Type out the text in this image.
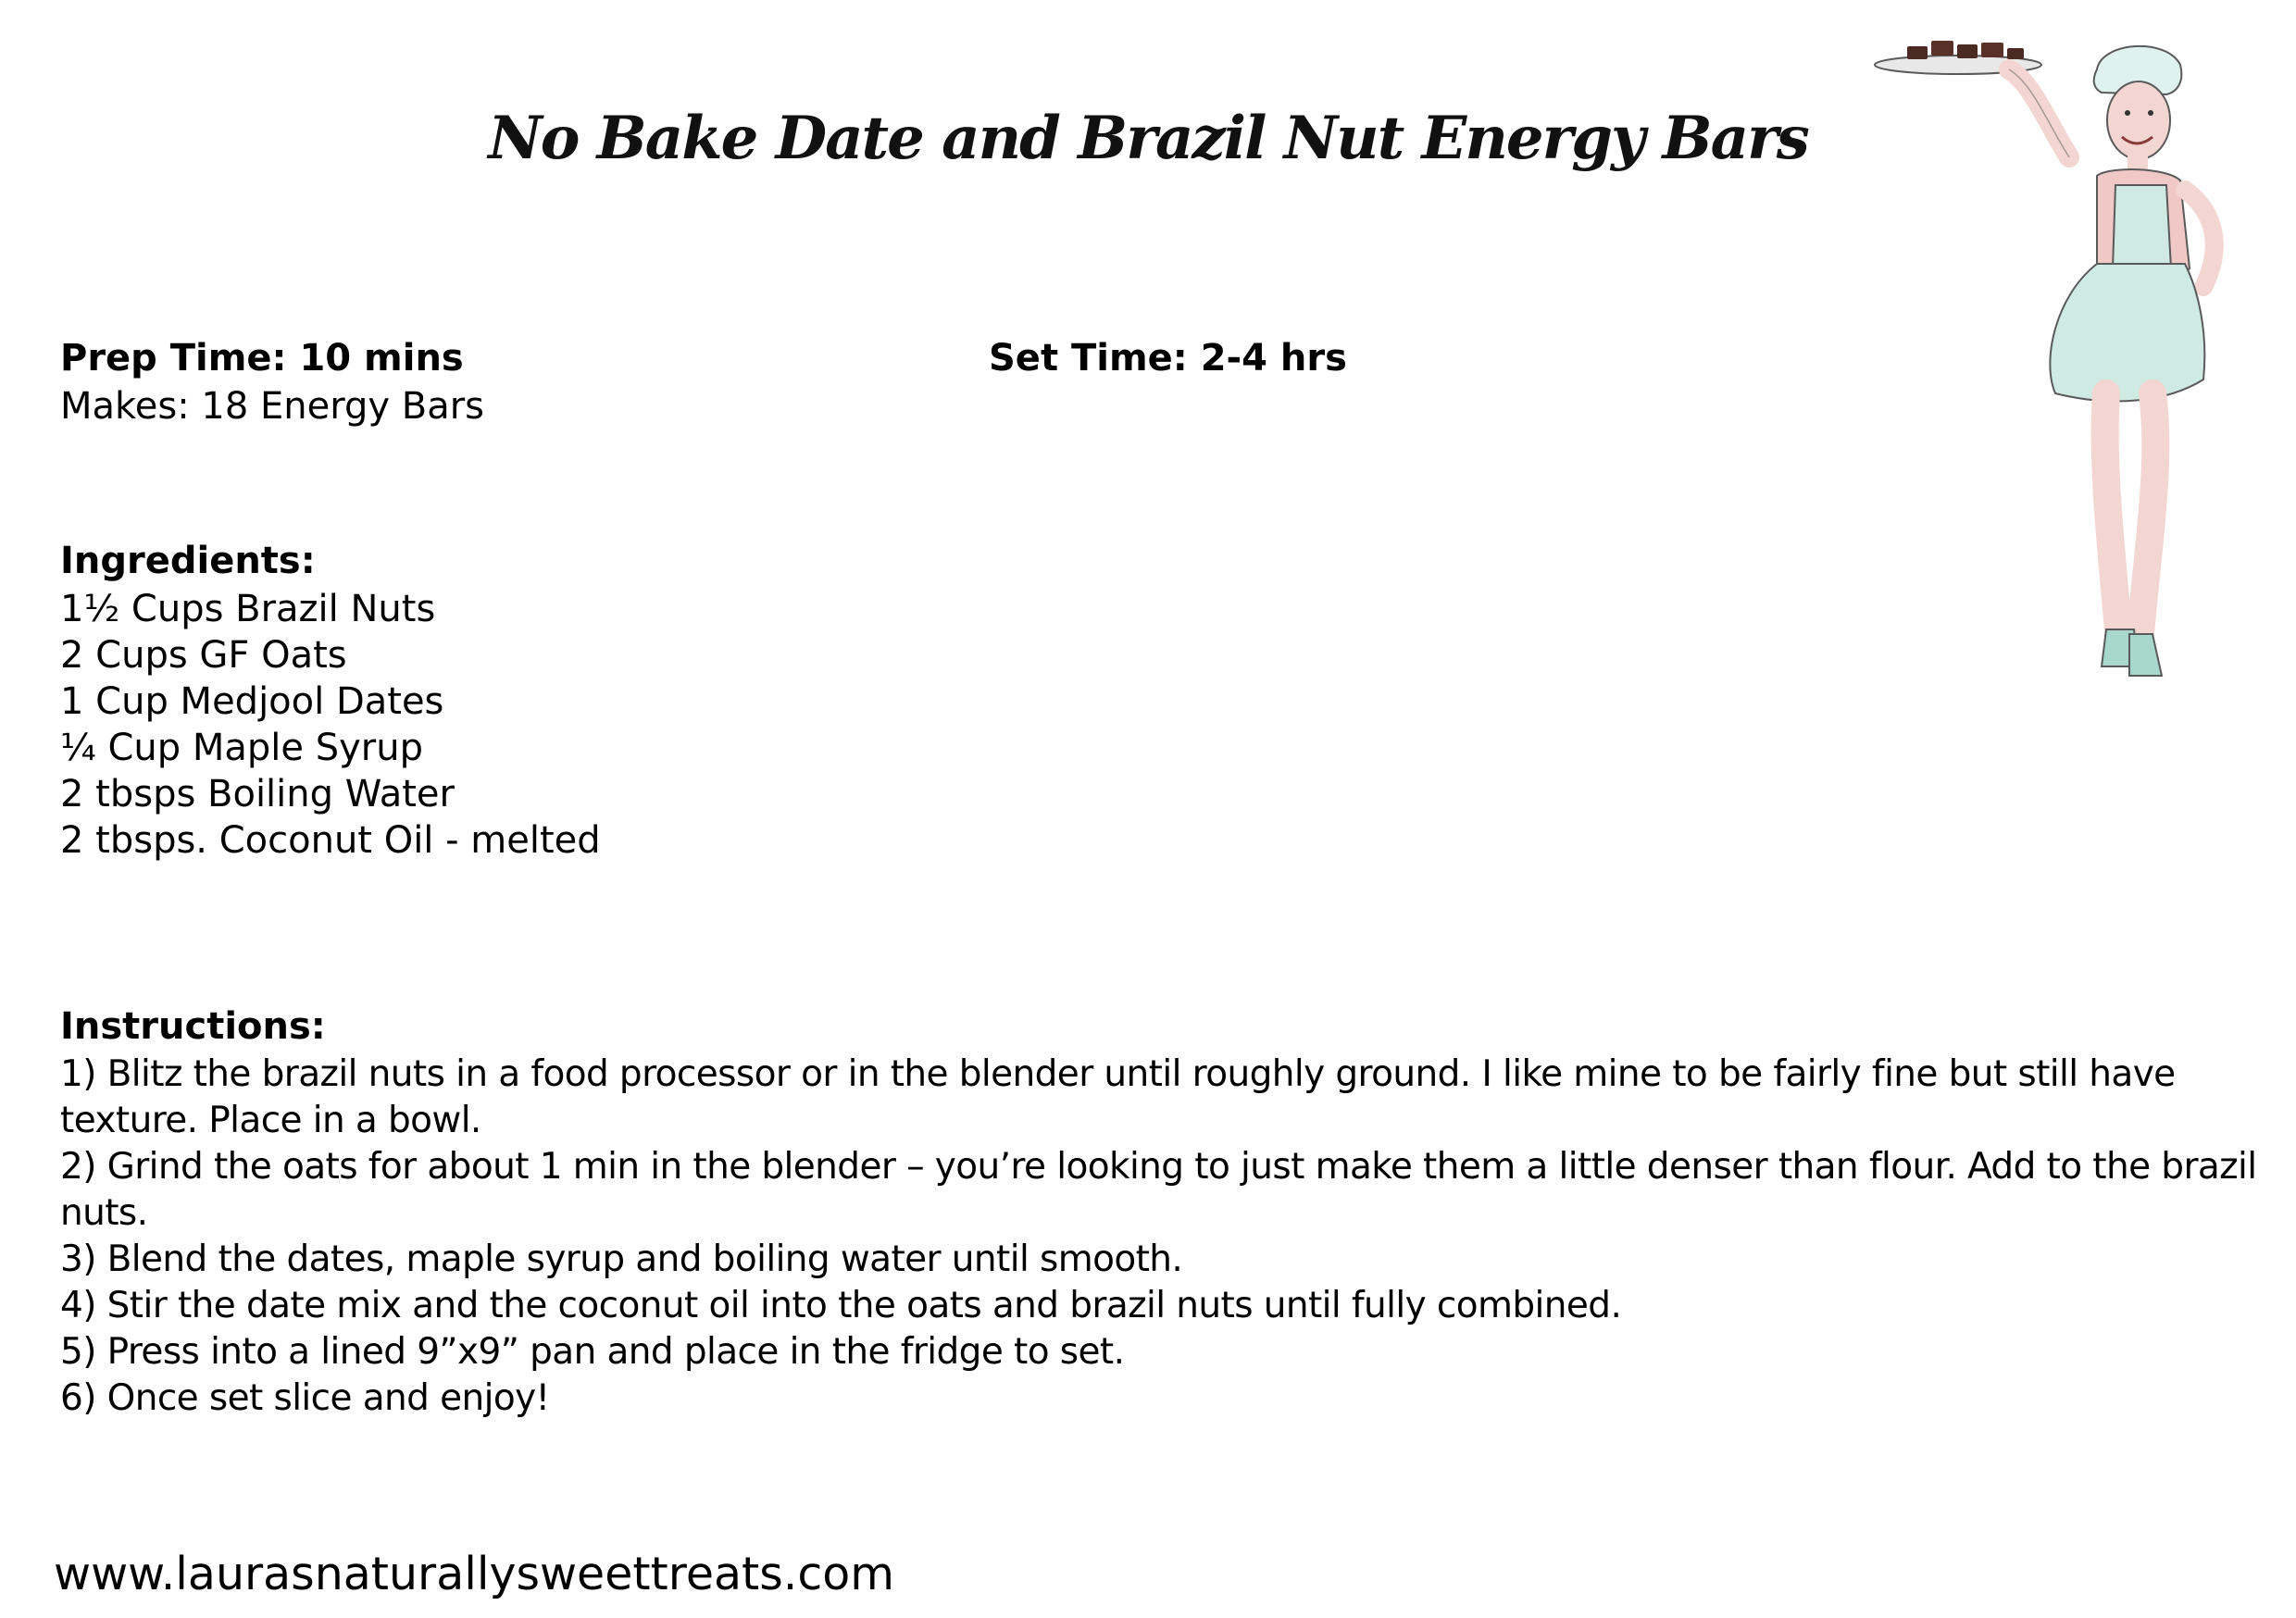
No Bake Date and Brazil Nut Energy Bars
Prep Time: 10 mins	Set Time: 2-4 hrs
Makes: 18 Energy Bars
Ingredients:
1½ Cups Brazil Nuts
2 Cups GF Oats
1 Cup Medjool Dates
¼ Cup Maple Syrup
2 tbsps Boiling Water
2 tbsps. Coconut Oil - melted
Instructions:
1) Blitz the brazil nuts in a food processor or in the blender until roughly ground. I like mine to be fairly fine but still have texture. Place in a bowl.
2) Grind the oats for about 1 min in the blender – you’re looking to just make them a little denser than flour. Add to the brazil nuts.
3) Blend the dates, maple syrup and boiling water until smooth.
4) Stir the date mix and the coconut oil into the oats and brazil nuts until fully combined.
5) Press into a lined 9”x9” pan and place in the fridge to set.
6) Once set slice and enjoy!
www.laurasnaturallysweettreats.com
